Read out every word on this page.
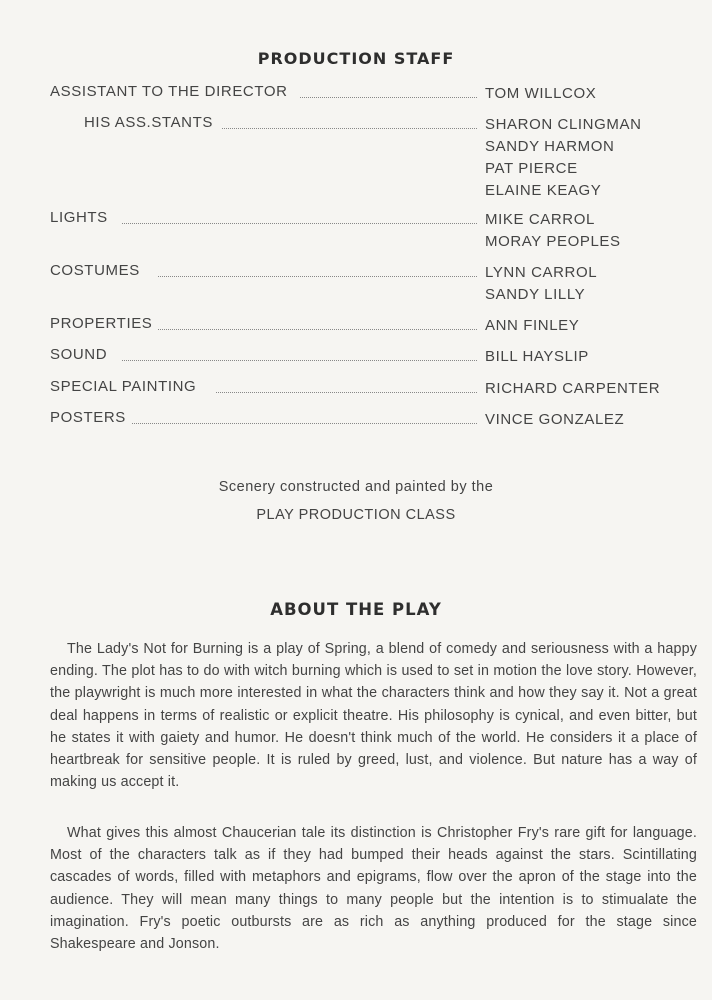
PRODUCTION STAFF
ASSISTANT TO THE DIRECTOR	TOM WILLCOX
HIS ASS.STANTS	SHARON CLINGMAN
SANDY HARMON
PAT PIERCE
ELAINE KEAGY
LIGHTS	MIKE CARROL
MORAY PEOPLES
COSTUMES	LYNN CARROL
SANDY LILLY
PROPERTIES	ANN FINLEY
SOUND	BILL HAYSLIP
SPECIAL PAINTING	RICHARD CARPENTER
POSTERS	VINCE GONZALEZ
Scenery constructed and painted by the
PLAY PRODUCTION CLASS
ABOUT THE PLAY

The Lady's Not for Burning is a play of Spring, a blend of comedy and seriousness with a happy ending. The plot has to do with witch burning which is used to set in motion the love story. However, the playwright is much more interested in what the characters think and how they say it. Not a great deal happens in terms of realistic or explicit theatre. His philosophy is cynical, and even bitter, but he states it with gaiety and humor. He doesn't think much of the world. He considers it a place of heartbreak for sensitive people. It is ruled by greed, lust, and violence. But nature has a way of making us accept it.

What gives this almost Chaucerian tale its distinction is Christopher Fry's rare gift for language. Most of the characters talk as if they had bumped their heads against the stars. Scintillating cascades of words, filled with metaphors and epigrams, flow over the apron of the stage into the audience. They will mean many things to many people but the intention is to stimualate the imagination. Fry's poetic outbursts are as rich as anything produced for the stage since Shakespeare and Jonson.
